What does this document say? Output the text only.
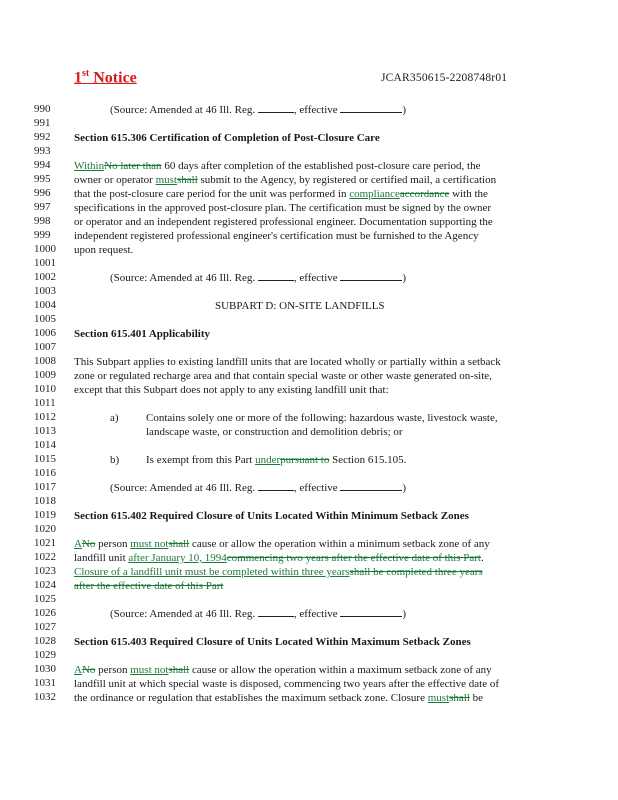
1st Notice	JCAR350615-2208748r01
990
991
992
993
994
995
996
997
998
999
1000
1001
1002
1003
1004
1005
1006
1007
1008
1009
1010
1011
1012
1013
1014
1015
1016
1017
1018
1019
1020
1021
1022
1023
1024
1025
1026
1027
1028
1029
1030
1031
1032
(Source: Amended at 46 Ill. Reg.	, effective	)
Section 615.306 Certification of Completion of Post-Closure Care
WithinNo later than 60 days after completion of the established post-closure care period, the
owner or operator mustshall submit to the Agency, by registered or certified mail, a certification
that the post-closure care period for the unit was performed in complianceaccordance with the
specifications in the approved post-closure plan. The certification must be signed by the owner
or operator and an independent registered professional engineer. Documentation supporting the
independent registered professional engineer's certification must be furnished to the Agency
upon request.
(Source: Amended at 46 Ill. Reg.	, effective	)
SUBPART D: ON-SITE LANDFILLS
Section 615.401 Applicability
This Subpart applies to existing landfill units that are located wholly or partially within a setback
zone or regulated recharge area and that contain special waste or other waste generated on-site,
except that this Subpart does not apply to any existing landfill unit that:
a) Contains solely one or more of the following: hazardous waste, livestock waste,
landscape waste, or construction and demolition debris; or
b) Is exempt from this Part underpursuant to Section 615.105.
(Source: Amended at 46 Ill. Reg.	, effective	)
Section 615.402 Required Closure of Units Located Within Minimum Setback Zones
ANo person must notshall cause or allow the operation within a minimum setback zone of any
landfill unit after January 10, 1994commencing two years after the effective date of this Part.
Closure of a landfill unit must be completed within three yearsshall be completed three years
after the effective date of this Part
(Source: Amended at 46 Ill. Reg.	, effective	)
Section 615.403 Required Closure of Units Located Within Maximum Setback Zones
ANo person must notshall cause or allow the operation within a maximum setback zone of any
landfill unit at which special waste is disposed, commencing two years after the effective date of
the ordinance or regulation that establishes the maximum setback zone. Closure mustshall be
